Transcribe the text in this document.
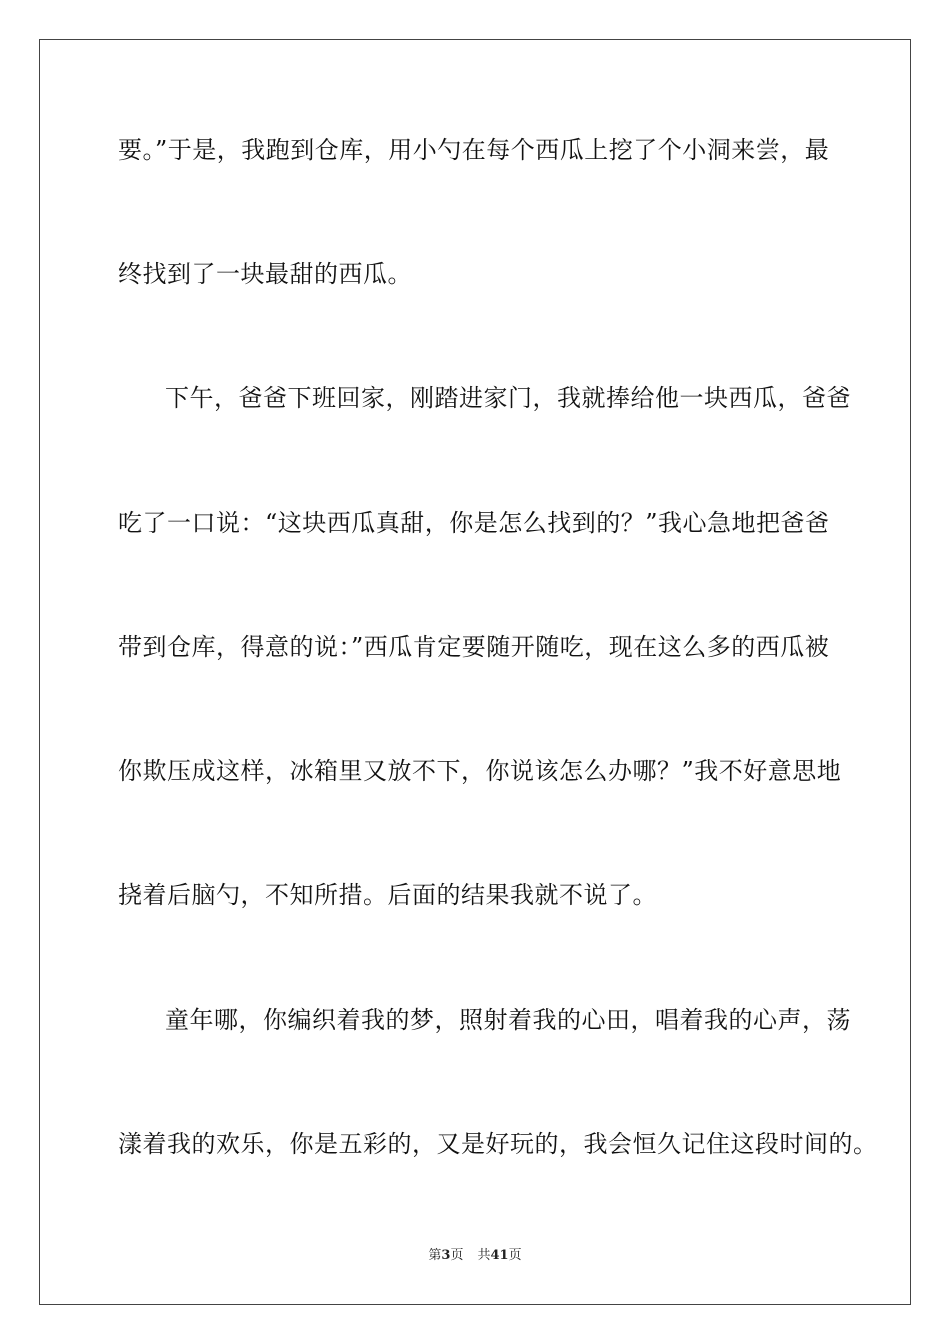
要。”于是，我跑到仓库，用小勺在每个西瓜上挖了个小洞来尝，最
终找到了一块最甜的西瓜。
下午，爸爸下班回家，刚踏进家门，我就捧给他一块西瓜，爸爸
吃了一口说：“这块西瓜真甜，你是怎么找到的？”我心急地把爸爸
带到仓库，得意的说：”西瓜肯定要随开随吃，现在这么多的西瓜被
你欺压成这样，冰箱里又放不下，你说该怎么办哪？”我不好意思地
挠着后脑勺，不知所措。后面的结果我就不说了。
童年哪，你编织着我的梦，照射着我的心田，唱着我的心声，荡
漾着我的欢乐，你是五彩的，又是好玩的，我会恒久记住这段时间的。
第3页 共41页
